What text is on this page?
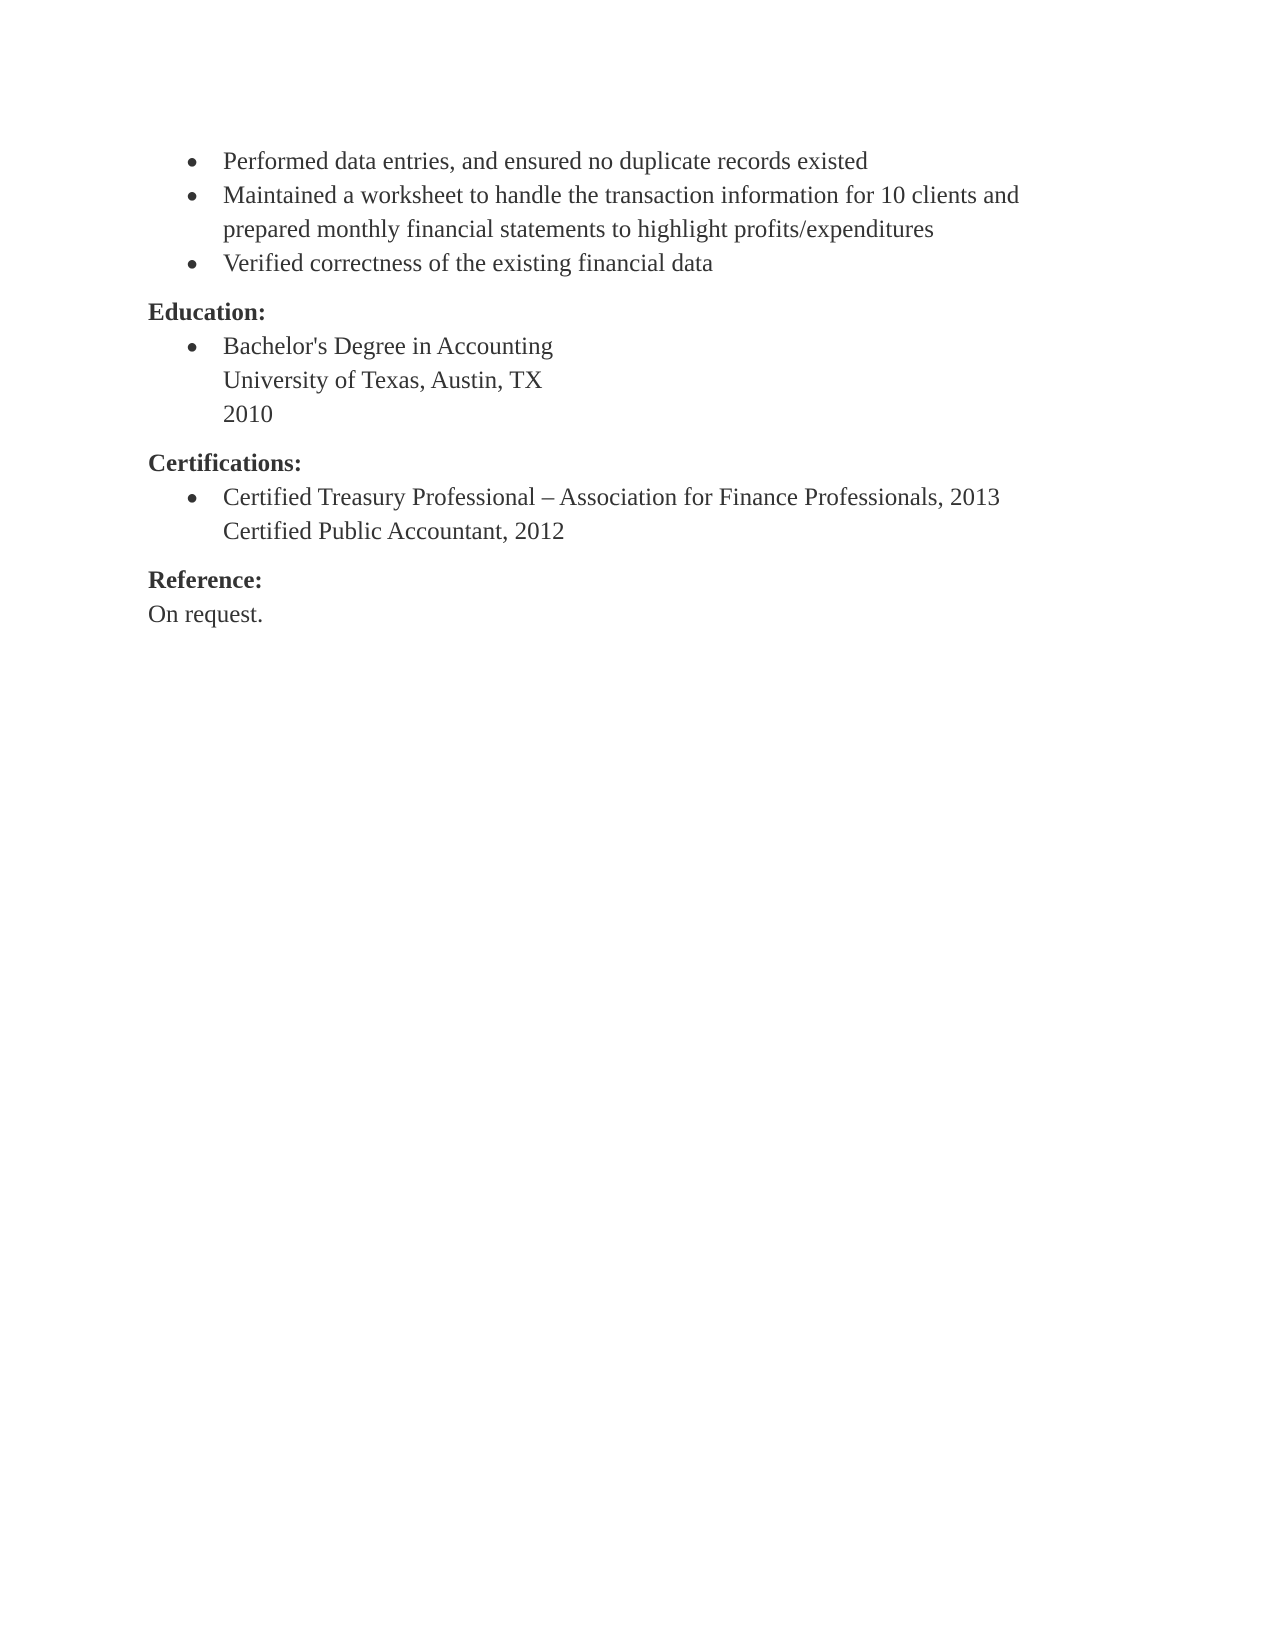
● Performed data entries, and ensured no duplicate records existed
● Maintained a worksheet to handle the transaction information for 10 clients and
prepared monthly financial statements to highlight profits/expenditures
● Verified correctness of the existing financial data
Education:
● Bachelor's Degree in Accounting
University of Texas, Austin, TX
2010
Certifications:
● Certified Treasury Professional – Association for Finance Professionals, 2013
Certified Public Accountant, 2012
Reference:
On request.
